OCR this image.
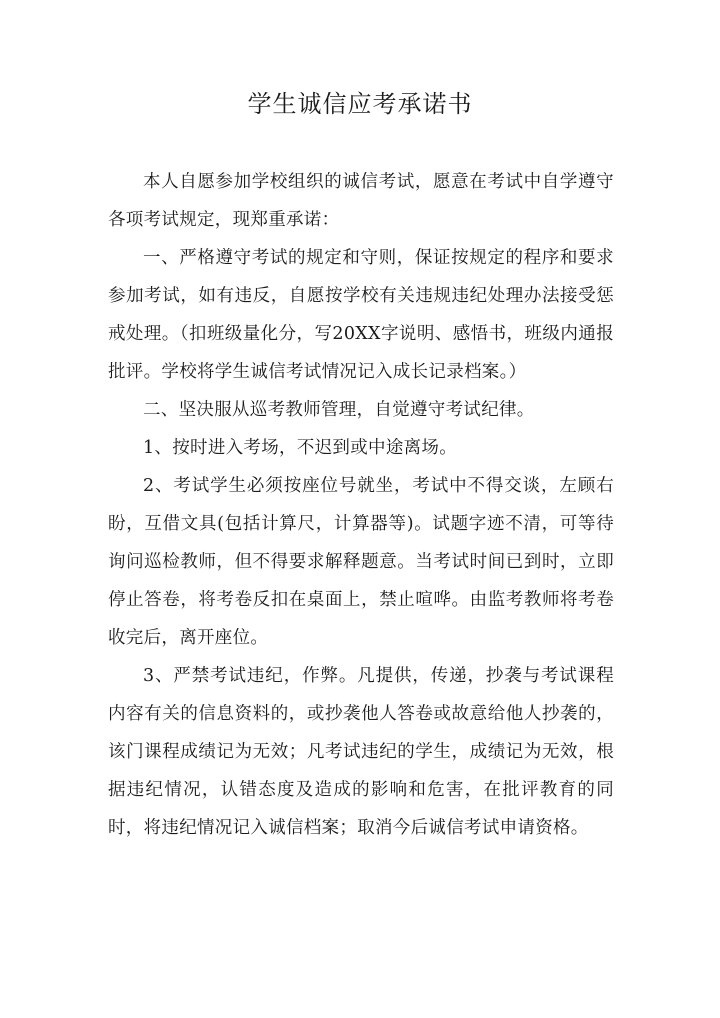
学生诚信应考承诺书

本人自愿参加学校组织的诚信考试，愿意在考试中自学遵守各项考试规定，现郑重承诺：

一、严格遵守考试的规定和守则，保证按规定的程序和要求参加考试，如有违反，自愿按学校有关违规违纪处理办法接受惩戒处理。（扣班级量化分，写20XX字说明、感悟书，班级内通报批评。学校将学生诚信考试情况记入成长记录档案。）

二、坚决服从巡考教师管理，自觉遵守考试纪律。

1、按时进入考场，不迟到或中途离场。

2、考试学生必须按座位号就坐，考试中不得交谈，左顾右盼，互借文具(包括计算尺，计算器等)。试题字迹不清，可等待询问巡检教师，但不得要求解释题意。当考试时间已到时，立即停止答卷，将考卷反扣在桌面上，禁止喧哗。由监考教师将考卷收完后，离开座位。

3、严禁考试违纪，作弊。凡提供，传递，抄袭与考试课程内容有关的信息资料的，或抄袭他人答卷或故意给他人抄袭的，该门课程成绩记为无效；凡考试违纪的学生，成绩记为无效，根据违纪情况，认错态度及造成的影响和危害，在批评教育的同时，将违纪情况记入诚信档案；取消今后诚信考试申请资格。
